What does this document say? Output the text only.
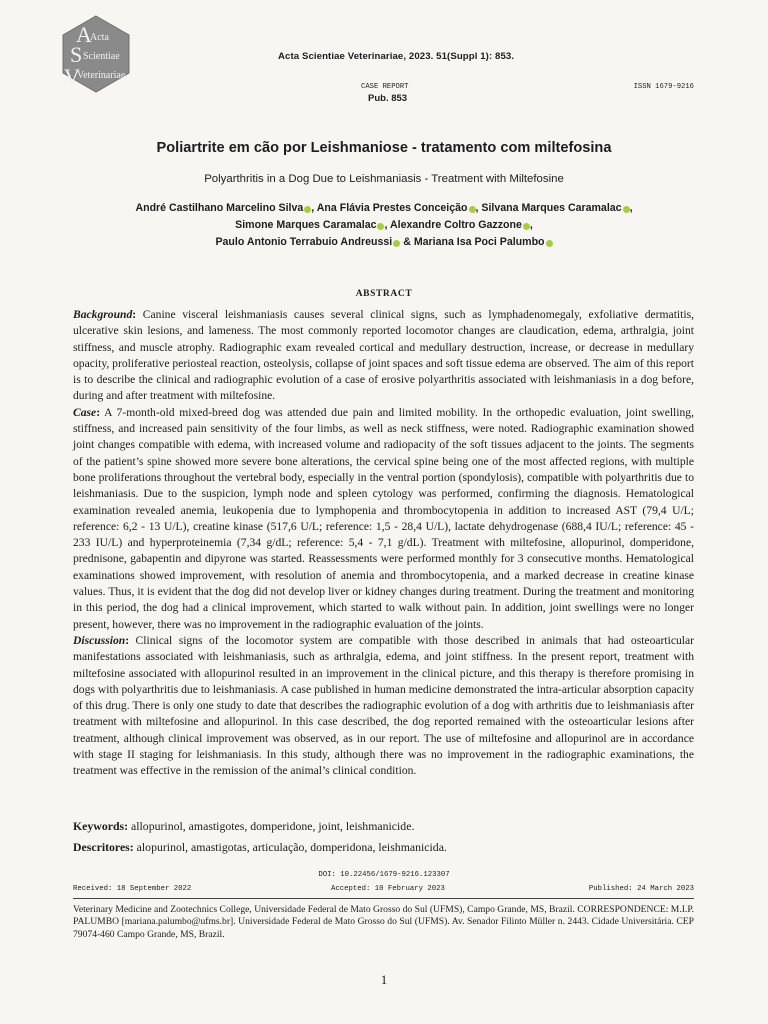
A
S
V
Acta
Scientiae
Veterinariae
Acta Scientiae Veterinariae, 2023. 51(Suppl 1): 853.
CASE REPORT
Pub. 853
ISSN 1679-9216
Poliartrite em cão por Leishmaniose - tratamento com miltefosina
Polyarthritis in a Dog Due to Leishmaniasis - Treatment with Miltefosine
André Castilhano Marcelino Silva , Ana Flávia Prestes Conceição , Silvana Marques Caramalac ,
Simone Marques Caramalac , Alexandre Coltro Gazzone ,
Paulo Antonio Terrabuio Andreussi & Mariana Isa Poci Palumbo
ABSTRACT

Background: Canine visceral leishmaniasis causes several clinical signs, such as lymphadenomegaly, exfoliative dermatitis, ulcerative skin lesions, and lameness. The most commonly reported locomotor changes are claudication, edema, arthralgia, joint stiffness, and muscle atrophy. Radiographic exam revealed cortical and medullary destruction, increase, or decrease in medullary opacity, proliferative periosteal reaction, osteolysis, collapse of joint spaces and soft tissue edema are observed. The aim of this report is to describe the clinical and radiographic evolution of a case of erosive polyarthritis associated with leishmaniasis in a dog before, during and after treatment with miltefosine.

Case: A 7-month-old mixed-breed dog was attended due pain and limited mobility. In the orthopedic evaluation, joint swelling, stiffness, and increased pain sensitivity of the four limbs, as well as neck stiffness, were noted. Radiographic examination showed joint changes compatible with edema, with increased volume and radiopacity of the soft tissues adjacent to the joints. The segments of the patient’s spine showed more severe bone alterations, the cervical spine being one of the most affected regions, with multiple bone proliferations throughout the vertebral body, especially in the ventral portion (spondylosis), compatible with polyarthritis due to leishmaniasis. Due to the suspicion, lymph node and spleen cytology was performed, confirming the diagnosis. Hematological examination revealed anemia, leukopenia due to lymphopenia and thrombocytopenia in addition to increased AST (79,4 U/L; reference: 6,2 - 13 U/L), creatine kinase (517,6 U/L; reference: 1,5 - 28,4 U/L), lactate dehydrogenase (688,4 IU/L; reference: 45 - 233 IU/L) and hyperproteinemia (7,34 g/dL; reference: 5,4 - 7,1 g/dL). Treatment with miltefosine, allopurinol, domperidone, prednisone, gabapentin and dipyrone was started. Reassessments were performed monthly for 3 consecutive months. Hematological examinations showed improvement, with resolution of anemia and thrombocytopenia, and a marked decrease in creatine kinase values. Thus, it is evident that the dog did not develop liver or kidney changes during treatment. During the treatment and monitoring in this period, the dog had a clinical improvement, which started to walk without pain. In addition, joint swellings were no longer present, however, there was no improvement in the radiographic evaluation of the joints.

Discussion: Clinical signs of the locomotor system are compatible with those described in animals that had osteoarticular manifestations associated with leishmaniasis, such as arthralgia, edema, and joint stiffness. In the present report, treatment with miltefosine associated with allopurinol resulted in an improvement in the clinical picture, and this therapy is therefore promising in dogs with polyarthritis due to leishmaniasis. A case published in human medicine demonstrated the intra-articular absorption capacity of this drug. There is only one study to date that describes the radiographic evolution of a dog with arthritis due to leishmaniasis after treatment with miltefosine and allopurinol. In this case described, the dog reported remained with the osteoarticular lesions after treatment, although clinical improvement was observed, as in our report. The use of miltefosine and allopurinol are in accordance with stage II staging for leishmaniasis. In this study, although there was no improvement in the radiographic examinations, the treatment was effective in the remission of the animal’s clinical condition.

Keywords: allopurinol, amastigotes, domperidone, joint, leishmanicide.
Descritores: alopurinol, amastigotas, articulação, domperidona, leishmanicida.
DOI: 10.22456/1679-9216.123307
Received: 18 September 2022	Accepted: 10 February 2023	Published: 24 March 2023
Veterinary Medicine and Zootechnics College, Universidade Federal de Mato Grosso do Sul (UFMS), Campo Grande, MS, Brazil. CORRESPONDENCE: M.I.P. PALUMBO [mariana.palumbo@ufms.br]. Universidade Federal de Mato Grosso do Sul (UFMS). Av. Senador Filinto Müller n. 2443. Cidade Universitária. CEP 79074-460 Campo Grande, MS, Brazil.
1
